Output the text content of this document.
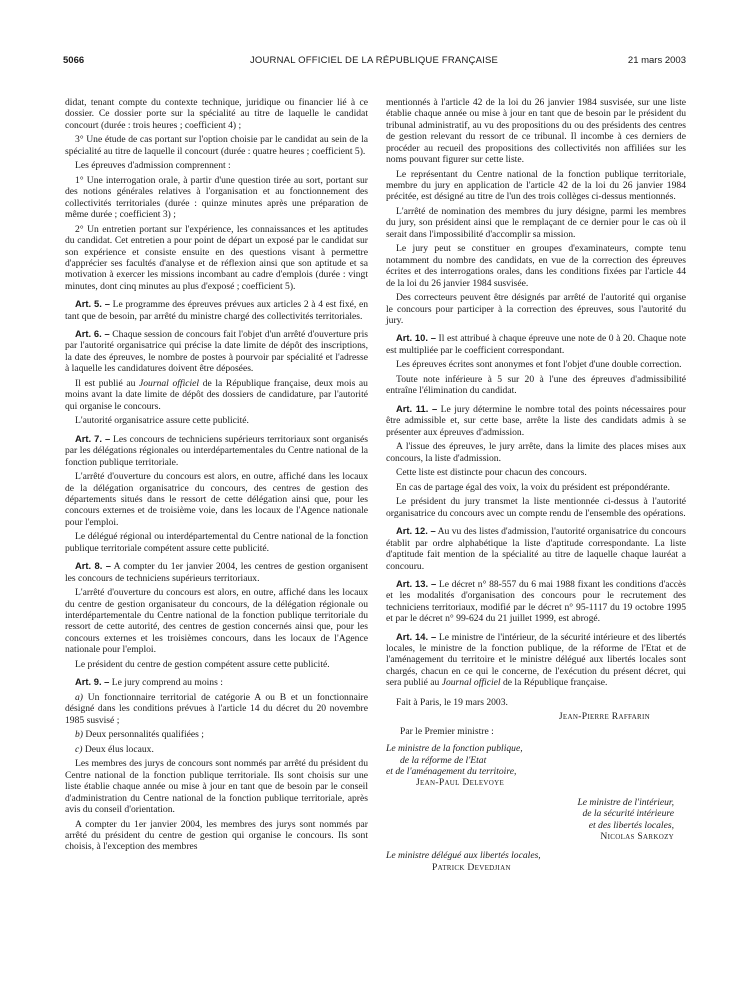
5066	JOURNAL OFFICIEL DE LA RÉPUBLIQUE FRANÇAISE	21 mars 2003

didat, tenant compte du contexte technique, juridique ou financier lié à ce dossier. Ce dossier porte sur la spécialité au titre de laquelle le candidat concourt (durée : trois heures ; coefficient 4) ;

3° Une étude de cas portant sur l'option choisie par le candidat au sein de la spécialité au titre de laquelle il concourt (durée : quatre heures ; coefficient 5).

Les épreuves d'admission comprennent :

1° Une interrogation orale, à partir d'une question tirée au sort, portant sur des notions générales relatives à l'organisation et au fonctionnement des collectivités territoriales (durée : quinze minutes après une préparation de même durée ; coefficient 3) ;

2° Un entretien portant sur l'expérience, les connaissances et les aptitudes du candidat. Cet entretien a pour point de départ un exposé par le candidat sur son expérience et consiste ensuite en des questions visant à permettre d'apprécier ses facultés d'analyse et de réflexion ainsi que son aptitude et sa motivation à exercer les missions incombant au cadre d'emplois (durée : vingt minutes, dont cinq minutes au plus d'exposé ; coefficient 5).

Art. 5. – Le programme des épreuves prévues aux articles 2 à 4 est fixé, en tant que de besoin, par arrêté du ministre chargé des collectivités territoriales.

Art. 6. – Chaque session de concours fait l'objet d'un arrêté d'ouverture pris par l'autorité organisatrice qui précise la date limite de dépôt des inscriptions, la date des épreuves, le nombre de postes à pourvoir par spécialité et l'adresse à laquelle les candidatures doivent être déposées.

Il est publié au Journal officiel de la République française, deux mois au moins avant la date limite de dépôt des dossiers de candidature, par l'autorité qui organise le concours.

L'autorité organisatrice assure cette publicité.

Art. 7. – Les concours de techniciens supérieurs territoriaux sont organisés par les délégations régionales ou interdépartementales du Centre national de la fonction publique territoriale.

L'arrêté d'ouverture du concours est alors, en outre, affiché dans les locaux de la délégation organisatrice du concours, des centres de gestion des départements situés dans le ressort de cette délégation ainsi que, pour les concours externes et de troisième voie, dans les locaux de l'Agence nationale pour l'emploi.

Le délégué régional ou interdépartemental du Centre national de la fonction publique territoriale compétent assure cette publicité.

Art. 8. – A compter du 1er janvier 2004, les centres de gestion organisent les concours de techniciens supérieurs territoriaux.

L'arrêté d'ouverture du concours est alors, en outre, affiché dans les locaux du centre de gestion organisateur du concours, de la délégation régionale ou interdépartementale du Centre national de la fonction publique territoriale du ressort de cette autorité, des centres de gestion concernés ainsi que, pour les concours externes et les troisièmes concours, dans les locaux de l'Agence nationale pour l'emploi.

Le président du centre de gestion compétent assure cette publicité.

Art. 9. – Le jury comprend au moins :

a) Un fonctionnaire territorial de catégorie A ou B et un fonctionnaire désigné dans les conditions prévues à l'article 14 du décret du 20 novembre 1985 susvisé ;

b) Deux personnalités qualifiées ;

c) Deux élus locaux.

Les membres des jurys de concours sont nommés par arrêté du président du Centre national de la fonction publique territoriale. Ils sont choisis sur une liste établie chaque année ou mise à jour en tant que de besoin par le conseil d'administration du Centre national de la fonction publique territoriale, après avis du conseil d'orientation.

A compter du 1er janvier 2004, les membres des jurys sont nommés par arrêté du président du centre de gestion qui organise le concours. Ils sont choisis, à l'exception des membres

mentionnés à l'article 42 de la loi du 26 janvier 1984 susvisée, sur une liste établie chaque année ou mise à jour en tant que de besoin par le président du tribunal administratif, au vu des propositions du ou des présidents des centres de gestion relevant du ressort de ce tribunal. Il incombe à ces derniers de procéder au recueil des propositions des collectivités non affiliées sur les noms pouvant figurer sur cette liste.

Le représentant du Centre national de la fonction publique territoriale, membre du jury en application de l'article 42 de la loi du 26 janvier 1984 précitée, est désigné au titre de l'un des trois collèges ci-dessus mentionnés.

L'arrêté de nomination des membres du jury désigne, parmi les membres du jury, son président ainsi que le remplaçant de ce dernier pour le cas où il serait dans l'impossibilité d'accomplir sa mission.

Le jury peut se constituer en groupes d'examinateurs, compte tenu notamment du nombre des candidats, en vue de la correction des épreuves écrites et des interrogations orales, dans les conditions fixées par l'article 44 de la loi du 26 janvier 1984 susvisée.

Des correcteurs peuvent être désignés par arrêté de l'autorité qui organise le concours pour participer à la correction des épreuves, sous l'autorité du jury.

Art. 10. – Il est attribué à chaque épreuve une note de 0 à 20. Chaque note est multipliée par le coefficient correspondant.

Les épreuves écrites sont anonymes et font l'objet d'une double correction.

Toute note inférieure à 5 sur 20 à l'une des épreuves d'admissibilité entraîne l'élimination du candidat.

Art. 11. – Le jury détermine le nombre total des points nécessaires pour être admissible et, sur cette base, arrête la liste des candidats admis à se présenter aux épreuves d'admission.

A l'issue des épreuves, le jury arrête, dans la limite des places mises aux concours, la liste d'admission.

Cette liste est distincte pour chacun des concours.

En cas de partage égal des voix, la voix du président est prépondérante.

Le président du jury transmet la liste mentionnée ci-dessus à l'autorité organisatrice du concours avec un compte rendu de l'ensemble des opérations.

Art. 12. – Au vu des listes d'admission, l'autorité organisatrice du concours établit par ordre alphabétique la liste d'aptitude correspondante. La liste d'aptitude fait mention de la spécialité au titre de laquelle chaque lauréat a concouru.

Art. 13. – Le décret n° 88-557 du 6 mai 1988 fixant les conditions d'accès et les modalités d'organisation des concours pour le recrutement des techniciens territoriaux, modifié par le décret n° 95-1117 du 19 octobre 1995 et par le décret n° 99-624 du 21 juillet 1999, est abrogé.

Art. 14. – Le ministre de l'intérieur, de la sécurité intérieure et des libertés locales, le ministre de la fonction publique, de la réforme de l'Etat et de l'aménagement du territoire et le ministre délégué aux libertés locales sont chargés, chacun en ce qui le concerne, de l'exécution du présent décret, qui sera publié au Journal officiel de la République française.

Fait à Paris, le 19 mars 2003.

Jean-Pierre Raffarin

Par le Premier ministre :

Le ministre de la fonction publique,
de la réforme de l'Etat
et de l'aménagement du territoire,
Jean-Paul Delevoye
Le ministre de l'intérieur,
de la sécurité intérieure
et des libertés locales,
Nicolas Sarkozy
Le ministre délégué aux libertés locales,
Patrick Devedjian
